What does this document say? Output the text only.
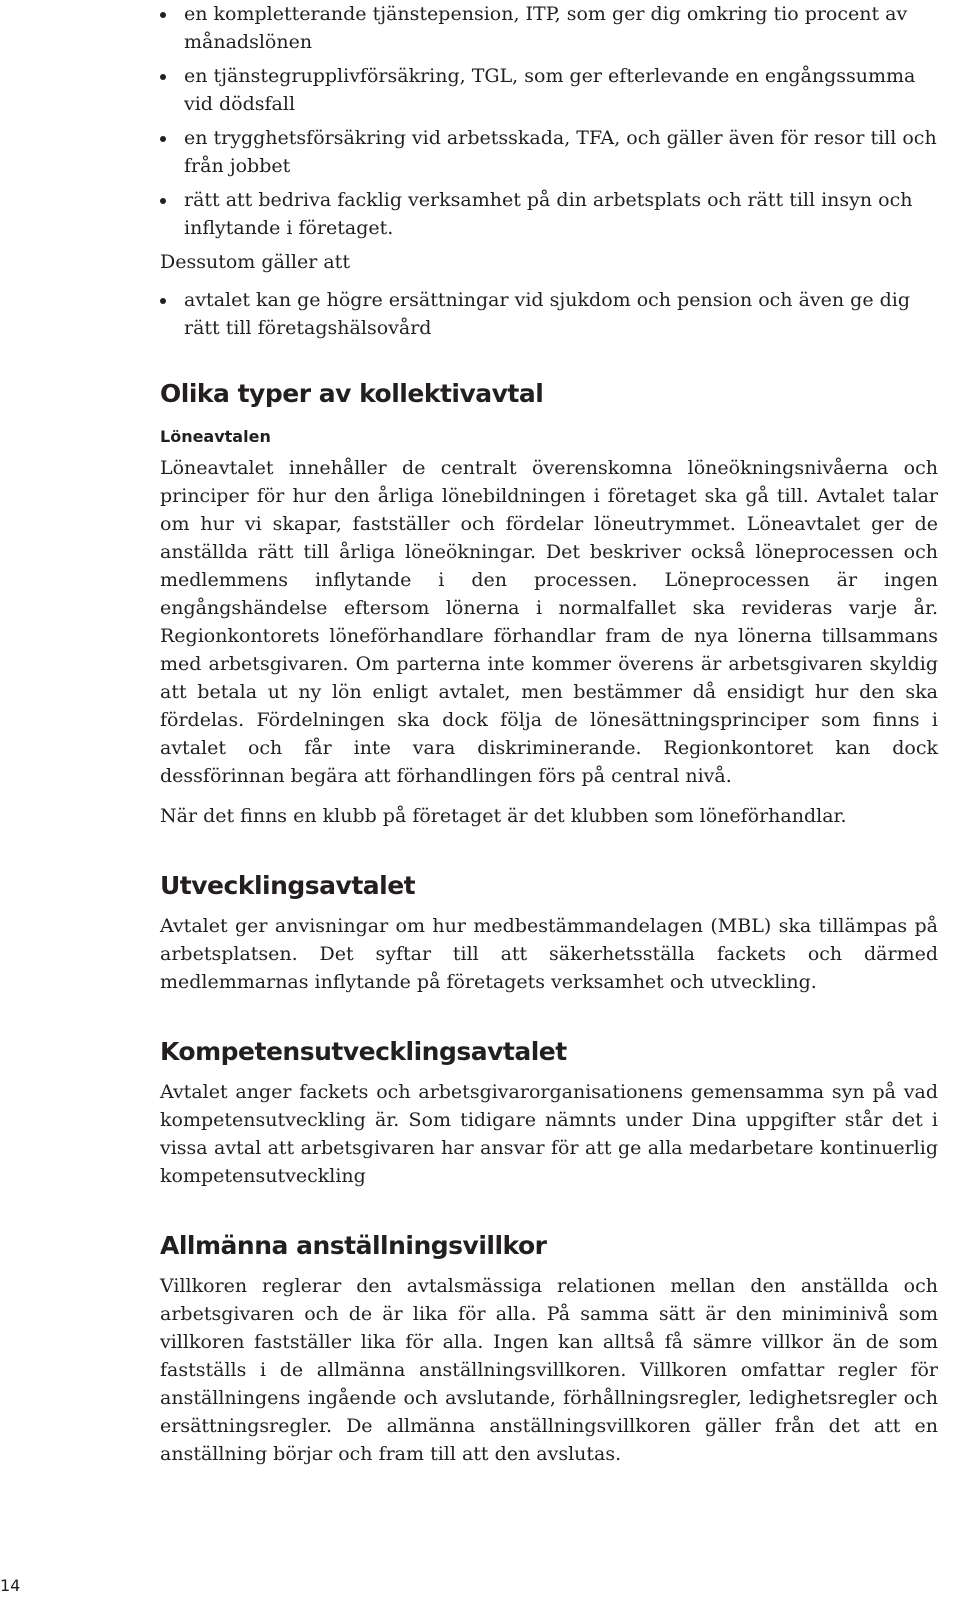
en kompletterande tjänstepension, ITP, som ger dig omkring tio procent av månadslönen
en tjänstegrupplivförsäkring, TGL, som ger efterlevande en engångssumma vid dödsfall
en trygghetsförsäkring vid arbetsskada, TFA, och gäller även för resor till och från jobbet
rätt att bedriva facklig verksamhet på din arbetsplats och rätt till insyn och inflytande i företaget.

Dessutom gäller att

avtalet kan ge högre ersättningar vid sjukdom och pension och även ge dig rätt till företagshälsovård
Olika typer av kollektivavtal
Löneavtalen

Löneavtalet innehåller de centralt överenskomna löneökningsnivåerna och principer för hur den årliga lönebildningen i företaget ska gå till. Avtalet talar om hur vi skapar, fastställer och fördelar löneutrymmet. Löneavtalet ger de anställda rätt till årliga löneökningar. Det beskriver också löneprocessen och medlemmens inflytande i den processen. Löneprocessen är ingen engångshändelse eftersom lönerna i normalfallet ska revideras varje år. Regionkontorets löneförhandlare förhandlar fram de nya lönerna tillsammans med arbetsgivaren. Om parterna inte kommer överens är arbetsgivaren skyldig att betala ut ny lön enligt avtalet, men bestämmer då ensidigt hur den ska fördelas. Fördelningen ska dock följa de lönesättningsprinciper som finns i avtalet och får inte vara diskriminerande. Regionkontoret kan dock dessförinnan begära att förhandlingen förs på central nivå.

När det finns en klubb på företaget är det klubben som löneförhandlar.

Utvecklingsavtalet

Avtalet ger anvisningar om hur medbestämmandelagen (MBL) ska tillämpas på arbetsplatsen. Det syftar till att säkerhetsställa fackets och därmed medlemmarnas inflytande på företagets verksamhet och utveckling.

Kompetensutvecklingsavtalet

Avtalet anger fackets och arbetsgivarorganisationens gemensamma syn på vad kompetensutveckling är. Som tidigare nämnts under Dina uppgifter står det i vissa avtal att arbetsgivaren har ansvar för att ge alla medarbetare kontinuerlig kompetensutveckling

Allmänna anställningsvillkor

Villkoren reglerar den avtalsmässiga relationen mellan den anställda och arbetsgivaren och de är lika för alla. På samma sätt är den miniminivå som villkoren fastställer lika för alla. Ingen kan alltså få sämre villkor än de som fastställs i de allmänna anställningsvillkoren. Villkoren omfattar regler för anställningens ingående och avslutande, förhållningsregler, ledighetsregler och ersättningsregler. De allmänna anställningsvillkoren gäller från det att en anställning börjar och fram till att den avslutas.

14
